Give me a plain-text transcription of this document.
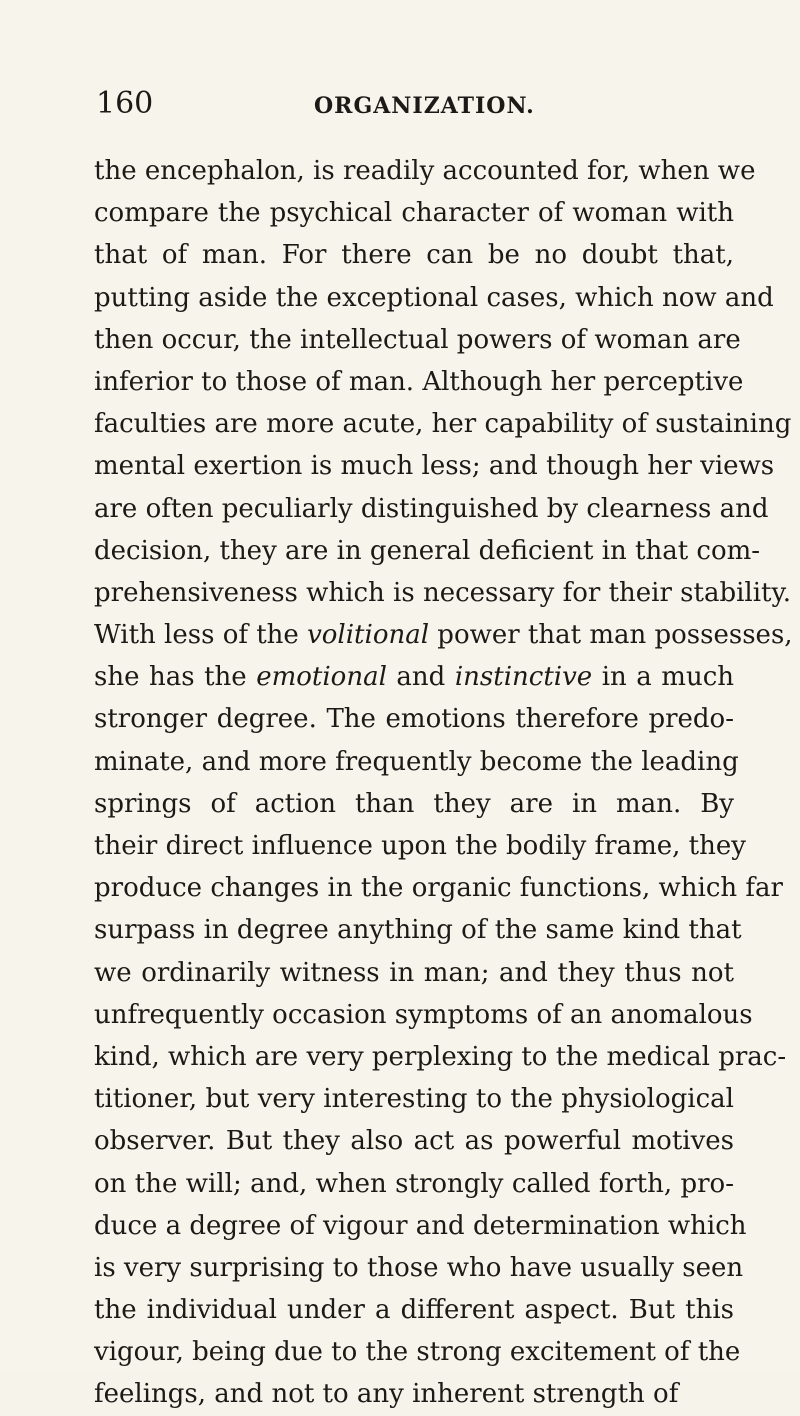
160	ORGANIZATION.
the encephalon, is readily accounted for, when we
compare the psychical character of woman with
that of man. For there can be no doubt that,
putting aside the exceptional cases, which now and
then occur, the intellectual powers of woman are
inferior to those of man. Although her perceptive
faculties are more acute, her capability of sustaining
mental exertion is much less; and though her views
are often peculiarly distinguished by clearness and
decision, they are in general deficient in that com-
prehensiveness which is necessary for their stability.
With less of the volitional power that man possesses,
she has the emotional and instinctive in a much
stronger degree. The emotions therefore predo-
minate, and more frequently become the leading
springs of action than they are in man. By
their direct influence upon the bodily frame, they
produce changes in the organic functions, which far
surpass in degree anything of the same kind that
we ordinarily witness in man; and they thus not
unfrequently occasion symptoms of an anomalous
kind, which are very perplexing to the medical prac-
titioner, but very interesting to the physiological
observer. But they also act as powerful motives
on the will; and, when strongly called forth, pro-
duce a degree of vigour and determination which
is very surprising to those who have usually seen
the individual under a different aspect. But this
vigour, being due to the strong excitement of the
feelings, and not to any inherent strength of
